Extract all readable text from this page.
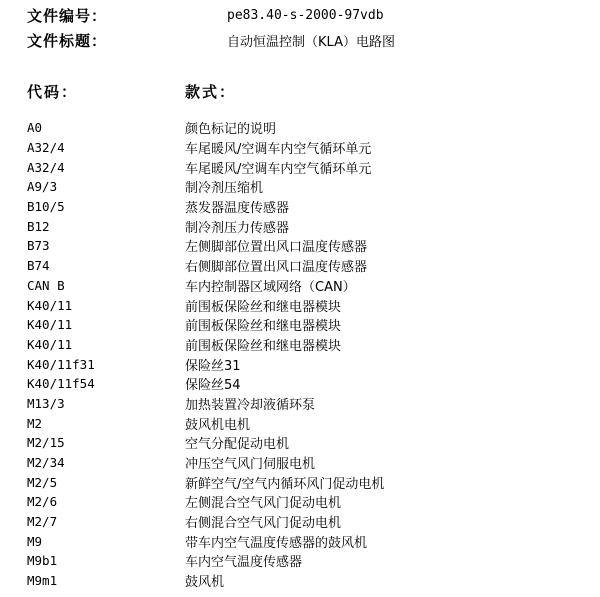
文件编号：	pe83.40-s-2000-97vdb
文件标题：	自动恒温控制（KLA）电路图
代码：	款式：
A0	颜色标记的说明
A32/4	车尾暖风/空调车内空气循环单元
A32/4	车尾暖风/空调车内空气循环单元
A9/3	制冷剂压缩机
B10/5	蒸发器温度传感器
B12	制冷剂压力传感器
B73	左侧脚部位置出风口温度传感器
B74	右侧脚部位置出风口温度传感器
CAN B	车内控制器区域网络（CAN）
K40/11	前围板保险丝和继电器模块
K40/11	前围板保险丝和继电器模块
K40/11	前围板保险丝和继电器模块
K40/11f31	保险丝31
K40/11f54	保险丝54
M13/3	加热装置冷却液循环泵
M2	鼓风机电机
M2/15	空气分配促动电机
M2/34	冲压空气风门伺服电机
M2/5	新鲜空气/空气内循环风门促动电机
M2/6	左侧混合空气风门促动电机
M2/7	右侧混合空气风门促动电机
M9	带车内空气温度传感器的鼓风机
M9b1	车内空气温度传感器
M9m1	鼓风机
